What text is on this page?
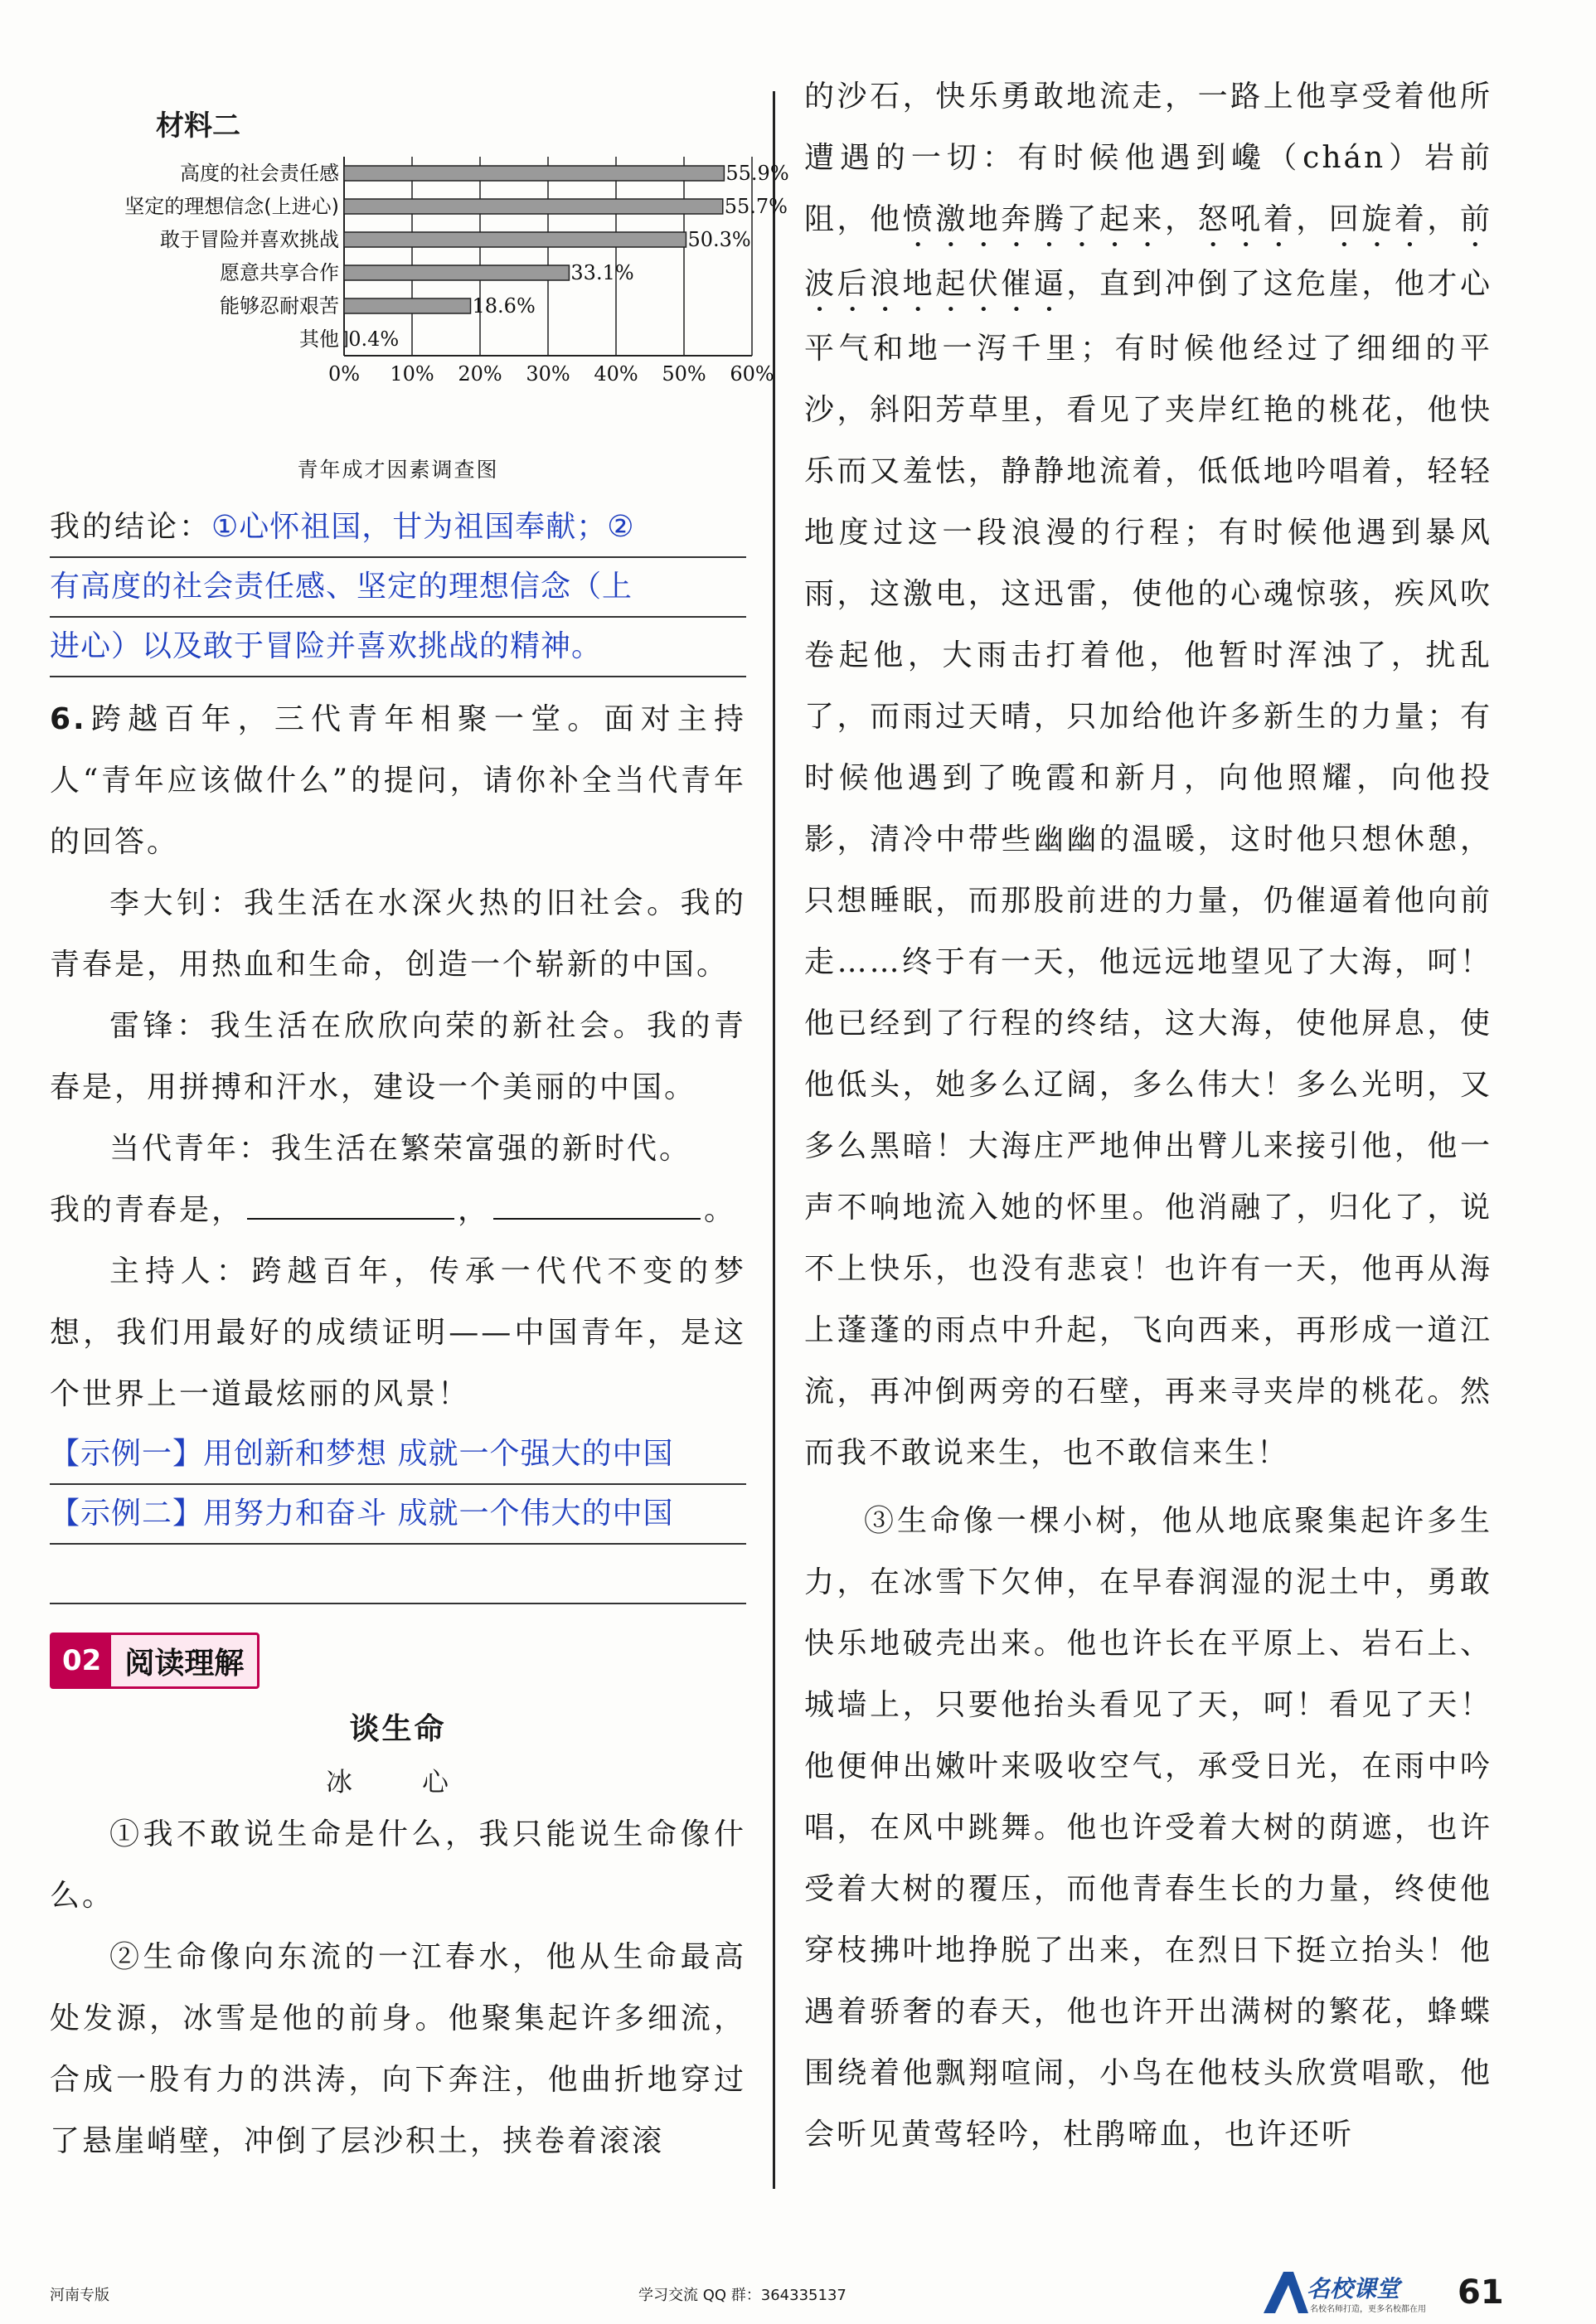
材料二
0% 10% 20% 30% 40% 50% 60%
高度的社会责任感	55.9%
坚定的理想信念(上进心)	55.7%
敢于冒险并喜欢挑战	50.3%
愿意共享合作	33.1%
能够忍耐艰苦	18.6%
其他 0.4%
青年成才因素调查图

我的结论：①心怀祖国，甘为祖国奉献；②

有高度的社会责任感、坚定的理想信念（上
进心）以及敢于冒险并喜欢挑战的精神。

6.跨越百年，三代青年相聚一堂。面对主持人“青年应该做什么”的提问，请你补全当代青年的回答。

李大钊：我生活在水深火热的旧社会。我的青春是，用热血和生命，创造一个崭新的中国。

雷锋：我生活在欣欣向荣的新社会。我的青春是，用拼搏和汗水，建设一个美丽的中国。

当代青年：我生活在繁荣富强的新时代。

我的青春是，	，	。

主持人：跨越百年，传承一代代不变的梦想，我们用最好的成绩证明——中国青年，是这个世界上一道最炫丽的风景！

【示例一】用创新和梦想 成就一个强大的中国
【示例二】用努力和奋斗 成就一个伟大的中国
02 阅读理解
谈生命
冰　心

①我不敢说生命是什么，我只能说生命像什么。

②生命像向东流的一江春水，他从生命最高处发源，冰雪是他的前身。他聚集起许多细流，合成一股有力的洪涛，向下奔注，他曲折地穿过了悬崖峭壁，冲倒了层沙积土，挟卷着滚滚

的沙石，快乐勇敢地流走，一路上他享受着他所遭遇的一切：有时候他遇到巉（chán）岩前阻，他愤激地奔腾了起来，怒吼着，回旋着，前波后浪地起伏催逼，直到冲倒了这危崖，他才心平气和地一泻千里；有时候他经过了细细的平沙，斜阳芳草里，看见了夹岸红艳的桃花，他快乐而又羞怯，静静地流着，低低地吟唱着，轻轻地度过这一段浪漫的行程；有时候他遇到暴风雨，这激电，这迅雷，使他的心魂惊骇，疾风吹卷起他，大雨击打着他，他暂时浑浊了，扰乱了，而雨过天晴，只加给他许多新生的力量；有时候他遇到了晚霞和新月，向他照耀，向他投影，清冷中带些幽幽的温暖，这时他只想休憩，只想睡眠，而那股前进的力量，仍催逼着他向前走……终于有一天，他远远地望见了大海，呵！他已经到了行程的终结，这大海，使他屏息，使他低头，她多么辽阔，多么伟大！多么光明，又多么黑暗！大海庄严地伸出臂儿来接引他，他一声不响地流入她的怀里。他消融了，归化了，说不上快乐，也没有悲哀！也许有一天，他再从海上蓬蓬的雨点中升起，飞向西来，再形成一道江流，再冲倒两旁的石壁，再来寻夹岸的桃花。然而我不敢说来生，也不敢信来生！

③生命像一棵小树，他从地底聚集起许多生力，在冰雪下欠伸，在早春润湿的泥土中，勇敢快乐地破壳出来。他也许长在平原上、岩石上、城墙上，只要他抬头看见了天，呵！看见了天！他便伸出嫩叶来吸收空气，承受日光，在雨中吟唱，在风中跳舞。他也许受着大树的荫遮，也许受着大树的覆压，而他青春生长的力量，终使他穿枝拂叶地挣脱了出来，在烈日下挺立抬头！他遇着骄奢的春天，他也许开出满树的繁花，蜂蝶围绕着他飘翔喧闹，小鸟在他枝头欣赏唱歌，他会听见黄莺轻吟，杜鹃啼血，也许还听

河南专版	学习交流 QQ 群：364335137	名校课堂
名校名师打造，更多名校都在用 61
